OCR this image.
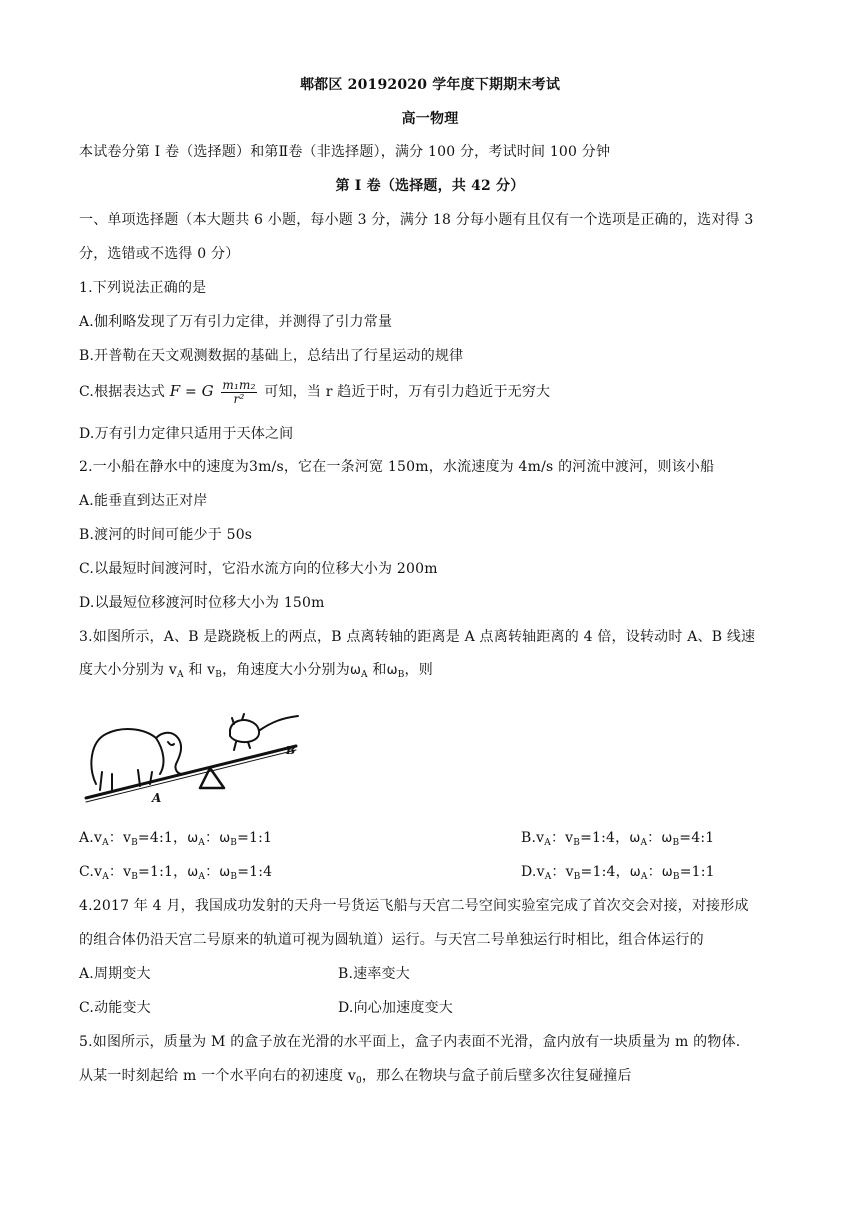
郫都区 20192020 学年度下期期末考试
高一物理
本试卷分第 I 卷（选择题）和第Ⅱ卷（非选择题），满分 100 分，考试时间 100 分钟
第 I 卷（选择题，共 42 分）
一、单项选择题（本大题共 6 小题，每小题 3 分，满分 18 分每小题有且仅有一个选项是正确的，选对得 3
分，选错或不选得 0 分）
1.下列说法正确的是
A.伽利略发现了万有引力定律，并测得了引力常量
B.开普勒在天文观测数据的基础上，总结出了行星运动的规律
C.根据表达式 F = G $\frac{\text{m₁m₂}}{\text{r²}}$ 可知，当 r 趋近于时，万有引力趋近于无穷大
D.万有引力定律只适用于天体之间
2.一小船在静水中的速度为3m/s，它在一条河宽 150m，水流速度为 4m/s 的河流中渡河，则该小船
A.能垂直到达正对岸
B.渡河的时间可能少于 50s
C.以最短时间渡河时，它沿水流方向的位移大小为 200m
D.以最短位移渡河时位移大小为 150m
3.如图所示，A、B 是跷跷板上的两点，B 点离转轴的距离是 A 点离转轴距离的 4 倍，设转动时 A、B 线速
度大小分别为 $v_A$ 和 $v_B$，角速度大小分别为$\omega_A$ 和$\omega_B$，则
A
B
$A.v_A$：$v_B=4:1$，$\omega_A$：$\omega_B=1:1$	$B.v_A$：$v_B=1:4$，$\omega_A$：$\omega_B=4:1$
$C.v_A$：$v_B=1:1$，$\omega_A$：$\omega_B=1:4$	$D.v_A$：$v_B=1:4$，$\omega_A$：$\omega_B=1:1$
4.2017 年 4 月，我国成功发射的天舟一号货运飞船与天宫二号空间实验室完成了首次交会对接，对接形成
的组合体仍沿天宫二号原来的轨道可视为圆轨道）运行。与天宫二号单独运行时相比，组合体运行的
A.周期变大	B.速率变大
C.动能变大	D.向心加速度变大
5.如图所示，质量为 M 的盒子放在光滑的水平面上，盒子内表面不光滑，盒内放有一块质量为 m 的物体.
从某一时刻起给 m 一个水平向右的初速度 $v_0$，那么在物块与盒子前后壁多次往复碰撞后
